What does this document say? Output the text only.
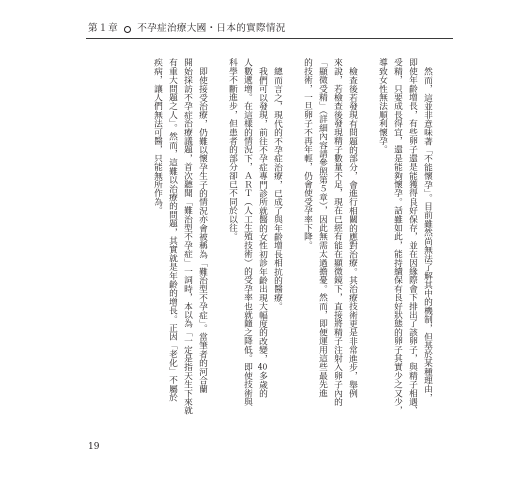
第１章 不孕症治療大國・日本的實際情況
然而，這並非意味著「不能懷孕」。目前雖然尚無法了解其中的機制，但基於某種理由，
即使年齡增長，有些卵子還是能獲得良好保存，並在因緣際會下排出了該卵子，與精子相遇、
受精，只要成長得宜，還是能夠懷孕。話雖如此，能持續保有良好狀態的卵子其實少之又少，
導致女性無法順利懷孕。
檢查後若發現有問題的部分，會進行相關的應對治療。其治療技術更是非常進步，舉例
來說，若檢查後發現精子數量不足，現在已經有能在顯微鏡下，直接將精子注射入卵子內的
「顯微受精」（詳細內容請參照第５章），因此無需太過擔憂。然而，即便運用這些最先進
的技術，一旦卵子不再年輕，仍會使受孕率下降。
總而言之，現代的不孕症治療，已成了與年齡增長相抗的醫療。
我們可以發現，前往不孕症專門診所就醫的女性初診年齡出現大幅度的改變，40多歲的
人數遞增。在這樣的情況下，ＡＲＴ（人工生殖技術）的受孕率也就隨之降低。即使技術與
科學不斷進步，但患者的部分卻已不同於以往。
即使接受治療，仍難以懷孕生子的情況亦會被稱為「難治型不孕症」。當筆者的河合蘭
開始採訪不孕症治療議題，首次聽聞「難治型不孕症」一詞時，本以為「一定是指天生下來就
有重大問題之人」。然而，這難以治療的問題，其實就是年齡的增長。正因「老化」不屬於
疾病，讓人們無法可醫，只能無所作為。
19
